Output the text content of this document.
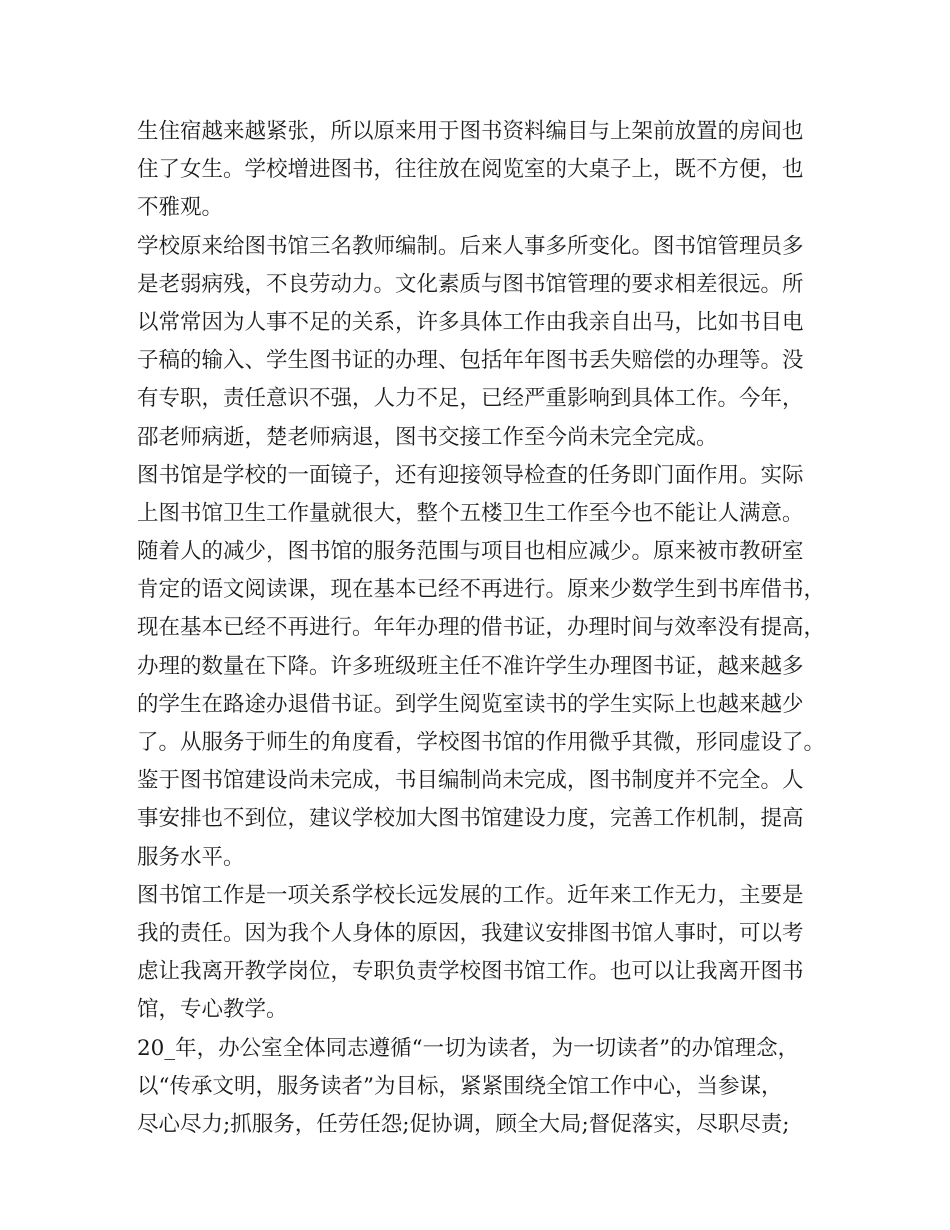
生住宿越来越紧张，所以原来用于图书资料编目与上架前放置的房间也
住了女生。学校增进图书，往往放在阅览室的大桌子上，既不方便，也
不雅观。
学校原来给图书馆三名教师编制。后来人事多所变化。图书馆管理员多
是老弱病残，不良劳动力。文化素质与图书馆管理的要求相差很远。所
以常常因为人事不足的关系，许多具体工作由我亲自出马，比如书目电
子稿的输入、学生图书证的办理、包括年年图书丢失赔偿的办理等。没
有专职，责任意识不强，人力不足，已经严重影响到具体工作。今年，
邵老师病逝，楚老师病退，图书交接工作至今尚未完全完成。
图书馆是学校的一面镜子，还有迎接领导检查的任务即门面作用。实际
上图书馆卫生工作量就很大，整个五楼卫生工作至今也不能让人满意。
随着人的减少，图书馆的服务范围与项目也相应减少。原来被市教研室
肯定的语文阅读课，现在基本已经不再进行。原来少数学生到书库借书，
现在基本已经不再进行。年年办理的借书证，办理时间与效率没有提高，
办理的数量在下降。许多班级班主任不准许学生办理图书证，越来越多
的学生在路途办退借书证。到学生阅览室读书的学生实际上也越来越少
了。从服务于师生的角度看，学校图书馆的作用微乎其微，形同虚设了。
鉴于图书馆建设尚未完成，书目编制尚未完成，图书制度并不完全。人
事安排也不到位，建议学校加大图书馆建设力度，完善工作机制，提高
服务水平。
图书馆工作是一项关系学校长远发展的工作。近年来工作无力，主要是
我的责任。因为我个人身体的原因，我建议安排图书馆人事时，可以考
虑让我离开教学岗位，专职负责学校图书馆工作。也可以让我离开图书
馆，专心教学。
20_年，办公室全体同志遵循“一切为读者，为一切读者”的办馆理念，
以“传承文明，服务读者”为目标，紧紧围绕全馆工作中心，当参谋，
尽心尽力;抓服务，任劳任怨;促协调，顾全大局;督促落实，尽职尽责;
